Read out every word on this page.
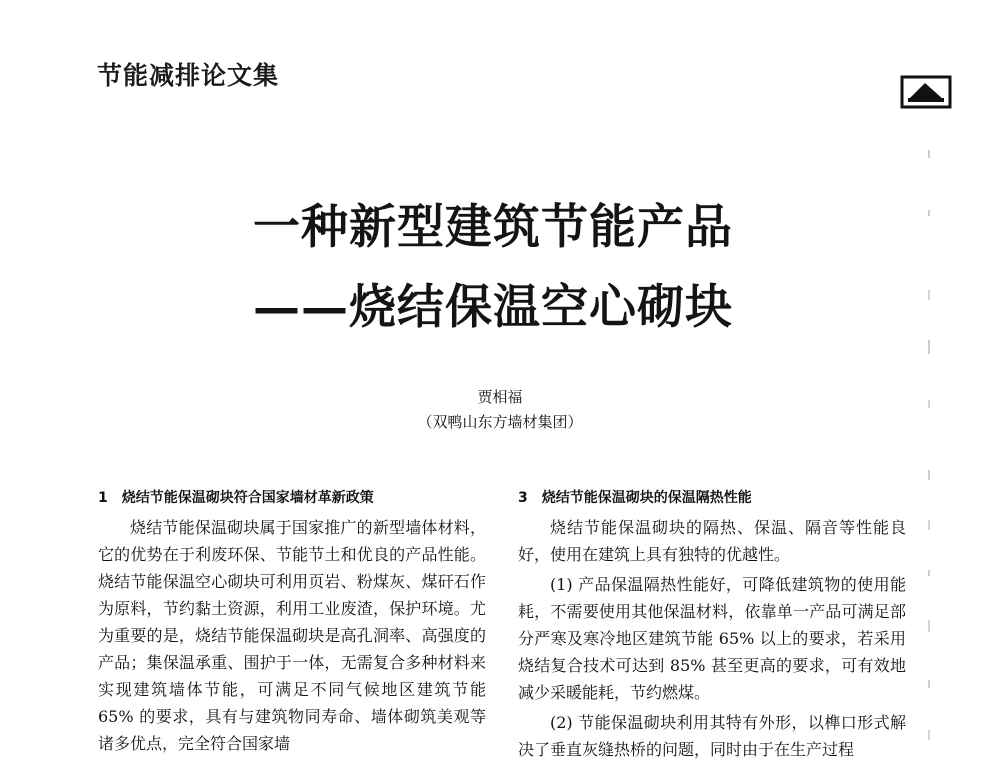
节能减排论文集
一种新型建筑节能产品
——烧结保温空心砌块
贾相福
（双鸭山东方墙材集团）
1　烧结节能保温砌块符合国家墙材革新政策

烧结节能保温砌块属于国家推广的新型墙体材料，它的优势在于利废环保、节能节土和优良的产品性能。烧结节能保温空心砌块可利用页岩、粉煤灰、煤矸石作为原料，节约黏土资源，利用工业废渣，保护环境。尤为重要的是，烧结节能保温砌块是高孔洞率、高强度的产品；集保温承重、围护于一体，无需复合多种材料来实现建筑墙体节能，可满足不同气候地区建筑节能 65% 的要求，具有与建筑物同寿命、墙体砌筑美观等诸多优点，完全符合国家墙

3　烧结节能保温砌块的保温隔热性能

烧结节能保温砌块的隔热、保温、隔音等性能良好，使用在建筑上具有独特的优越性。

(1) 产品保温隔热性能好，可降低建筑物的使用能耗，不需要使用其他保温材料，依靠单一产品可满足部分严寒及寒冷地区建筑节能 65% 以上的要求，若采用烧结复合技术可达到 85% 甚至更高的要求，可有效地减少采暖能耗，节约燃煤。

(2) 节能保温砌块利用其特有外形，以榫口形式解决了垂直灰缝热桥的问题，同时由于在生产过程
